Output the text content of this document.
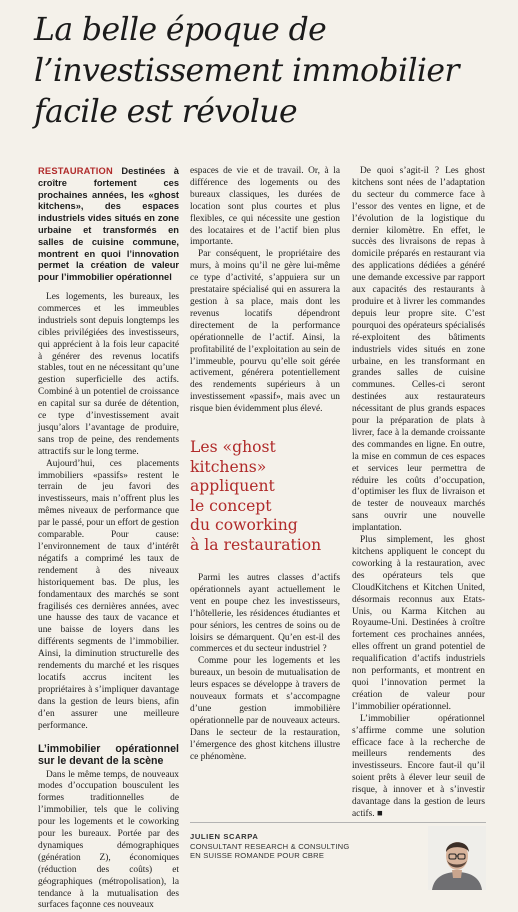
La belle époque de
l’investissement immobilier
facile est révolue
RESTAURATION Destinées à croître fortement ces prochaines années, les «ghost kitchens», des espaces industriels vides situés en zone urbaine et transformés en salles de cuisine commune, montrent en quoi l’innovation permet la création de valeur pour l’immobilier opérationnel

Les logements, les bureaux, les commerces et les immeubles industriels sont depuis longtemps les cibles privilégiées des investisseurs, qui apprécient à la fois leur capacité à générer des revenus locatifs stables, tout en ne nécessitant qu’une gestion superficielle des actifs. Combiné à un potentiel de croissance en capital sur sa durée de détention, ce type d’investissement avait jusqu’alors l’avantage de produire, sans trop de peine, des rendements attractifs sur le long terme.

Aujourd’hui, ces placements immobiliers «passifs» restent le terrain de jeu favori des investisseurs, mais n’offrent plus les mêmes niveaux de performance que par le passé, pour un effort de gestion comparable. Pour cause: l’environnement de taux d’intérêt négatifs a comprimé les taux de rendement à des niveaux historiquement bas. De plus, les fondamentaux des marchés se sont fragilisés ces dernières années, avec une hausse des taux de vacance et une baisse de loyers dans les différents segments de l’immobilier. Ainsi, la diminution structurelle des rendements du marché et les risques locatifs accrus incitent les propriétaires à s’impliquer davantage dans la gestion de leurs biens, afin d’en assurer une meilleure performance.

L’immobilier opérationnel sur le devant de la scène

Dans le même temps, de nouveaux modes d’occupation bousculent les formes traditionnelles de l’immobilier, tels que le coliving pour les logements et le coworking pour les bureaux. Portée par des dynamiques démographiques (génération Z), économiques (réduction des coûts) et géographiques (métropolisation), la tendance à la mutualisation des surfaces façonne ces nouveaux

espaces de vie et de travail. Or, à la différence des logements ou des bureaux classiques, les durées de location sont plus courtes et plus flexibles, ce qui nécessite une gestion des locataires et de l’actif bien plus importante.

Par conséquent, le propriétaire des murs, à moins qu’il ne gère lui-même ce type d’activité, s’appuiera sur un prestataire spécialisé qui en assurera la gestion à sa place, mais dont les revenus locatifs dépendront directement de la performance opérationnelle de l’actif. Ainsi, la profitabilité de l’exploitation au sein de l’immeuble, pourvu qu’elle soit gérée activement, générera potentiellement des rendements supérieurs à un investissement «passif», mais avec un risque bien évidemment plus élevé.

Les «ghost
kitchens»
appliquent
le concept
du coworking
à la restauration

Parmi les autres classes d’actifs opérationnels ayant actuellement le vent en poupe chez les investisseurs, l’hôtellerie, les résidences étudiantes et pour séniors, les centres de soins ou de loisirs se démarquent. Qu’en est-il des commerces et du secteur industriel ?

Comme pour les logements et les bureaux, un besoin de mutualisation de leurs espaces se développe à travers de nouveaux formats et s’accompagne d’une gestion immobilière opérationnelle par de nouveaux acteurs. Dans le secteur de la restauration, l’émergence des ghost kitchens illustre ce phénomène.

De quoi s’agit-il ? Les ghost kitchens sont nées de l’adaptation du secteur du commerce face à l’essor des ventes en ligne, et de l’évolution de la logistique du dernier kilomètre. En effet, le succès des livraisons de repas à domicile préparés en restaurant via des applications dédiées a généré une demande excessive par rapport aux capacités des restaurants à produire et à livrer les commandes depuis leur propre site. C’est pourquoi des opérateurs spécialisés ré-exploitent des bâtiments industriels vides situés en zone urbaine, en les transformant en grandes salles de cuisine communes. Celles-ci seront destinées aux restaurateurs nécessitant de plus grands espaces pour la préparation de plats à livrer, face à la demande croissante des commandes en ligne. En outre, la mise en commun de ces espaces et services leur permettra de réduire les coûts d’occupation, d’optimiser les flux de livraison et de tester de nouveaux marchés sans ouvrir une nouvelle implantation.

Plus simplement, les ghost kitchens appliquent le concept du coworking à la restauration, avec des opérateurs tels que CloudKitchens et Kitchen United, désormais reconnus aux Etats-Unis, ou Karma Kitchen au Royaume-Uni. Destinées à croître fortement ces prochaines années, elles offrent un grand potentiel de requalification d’actifs industriels non performants, et montrent en quoi l’innovation permet la création de valeur pour l’immobilier opérationnel.

L’immobilier opérationnel s’affirme comme une solution efficace face à la recherche de meilleurs rendements des investisseurs. Encore faut-il qu’il soient prêts à élever leur seuil de risque, à innover et à s’investir davantage dans la gestion de leurs actifs. ■

JULIEN SCARPA
CONSULTANT RESEARCH & CONSULTING
EN SUISSE ROMANDE POUR CBRE
